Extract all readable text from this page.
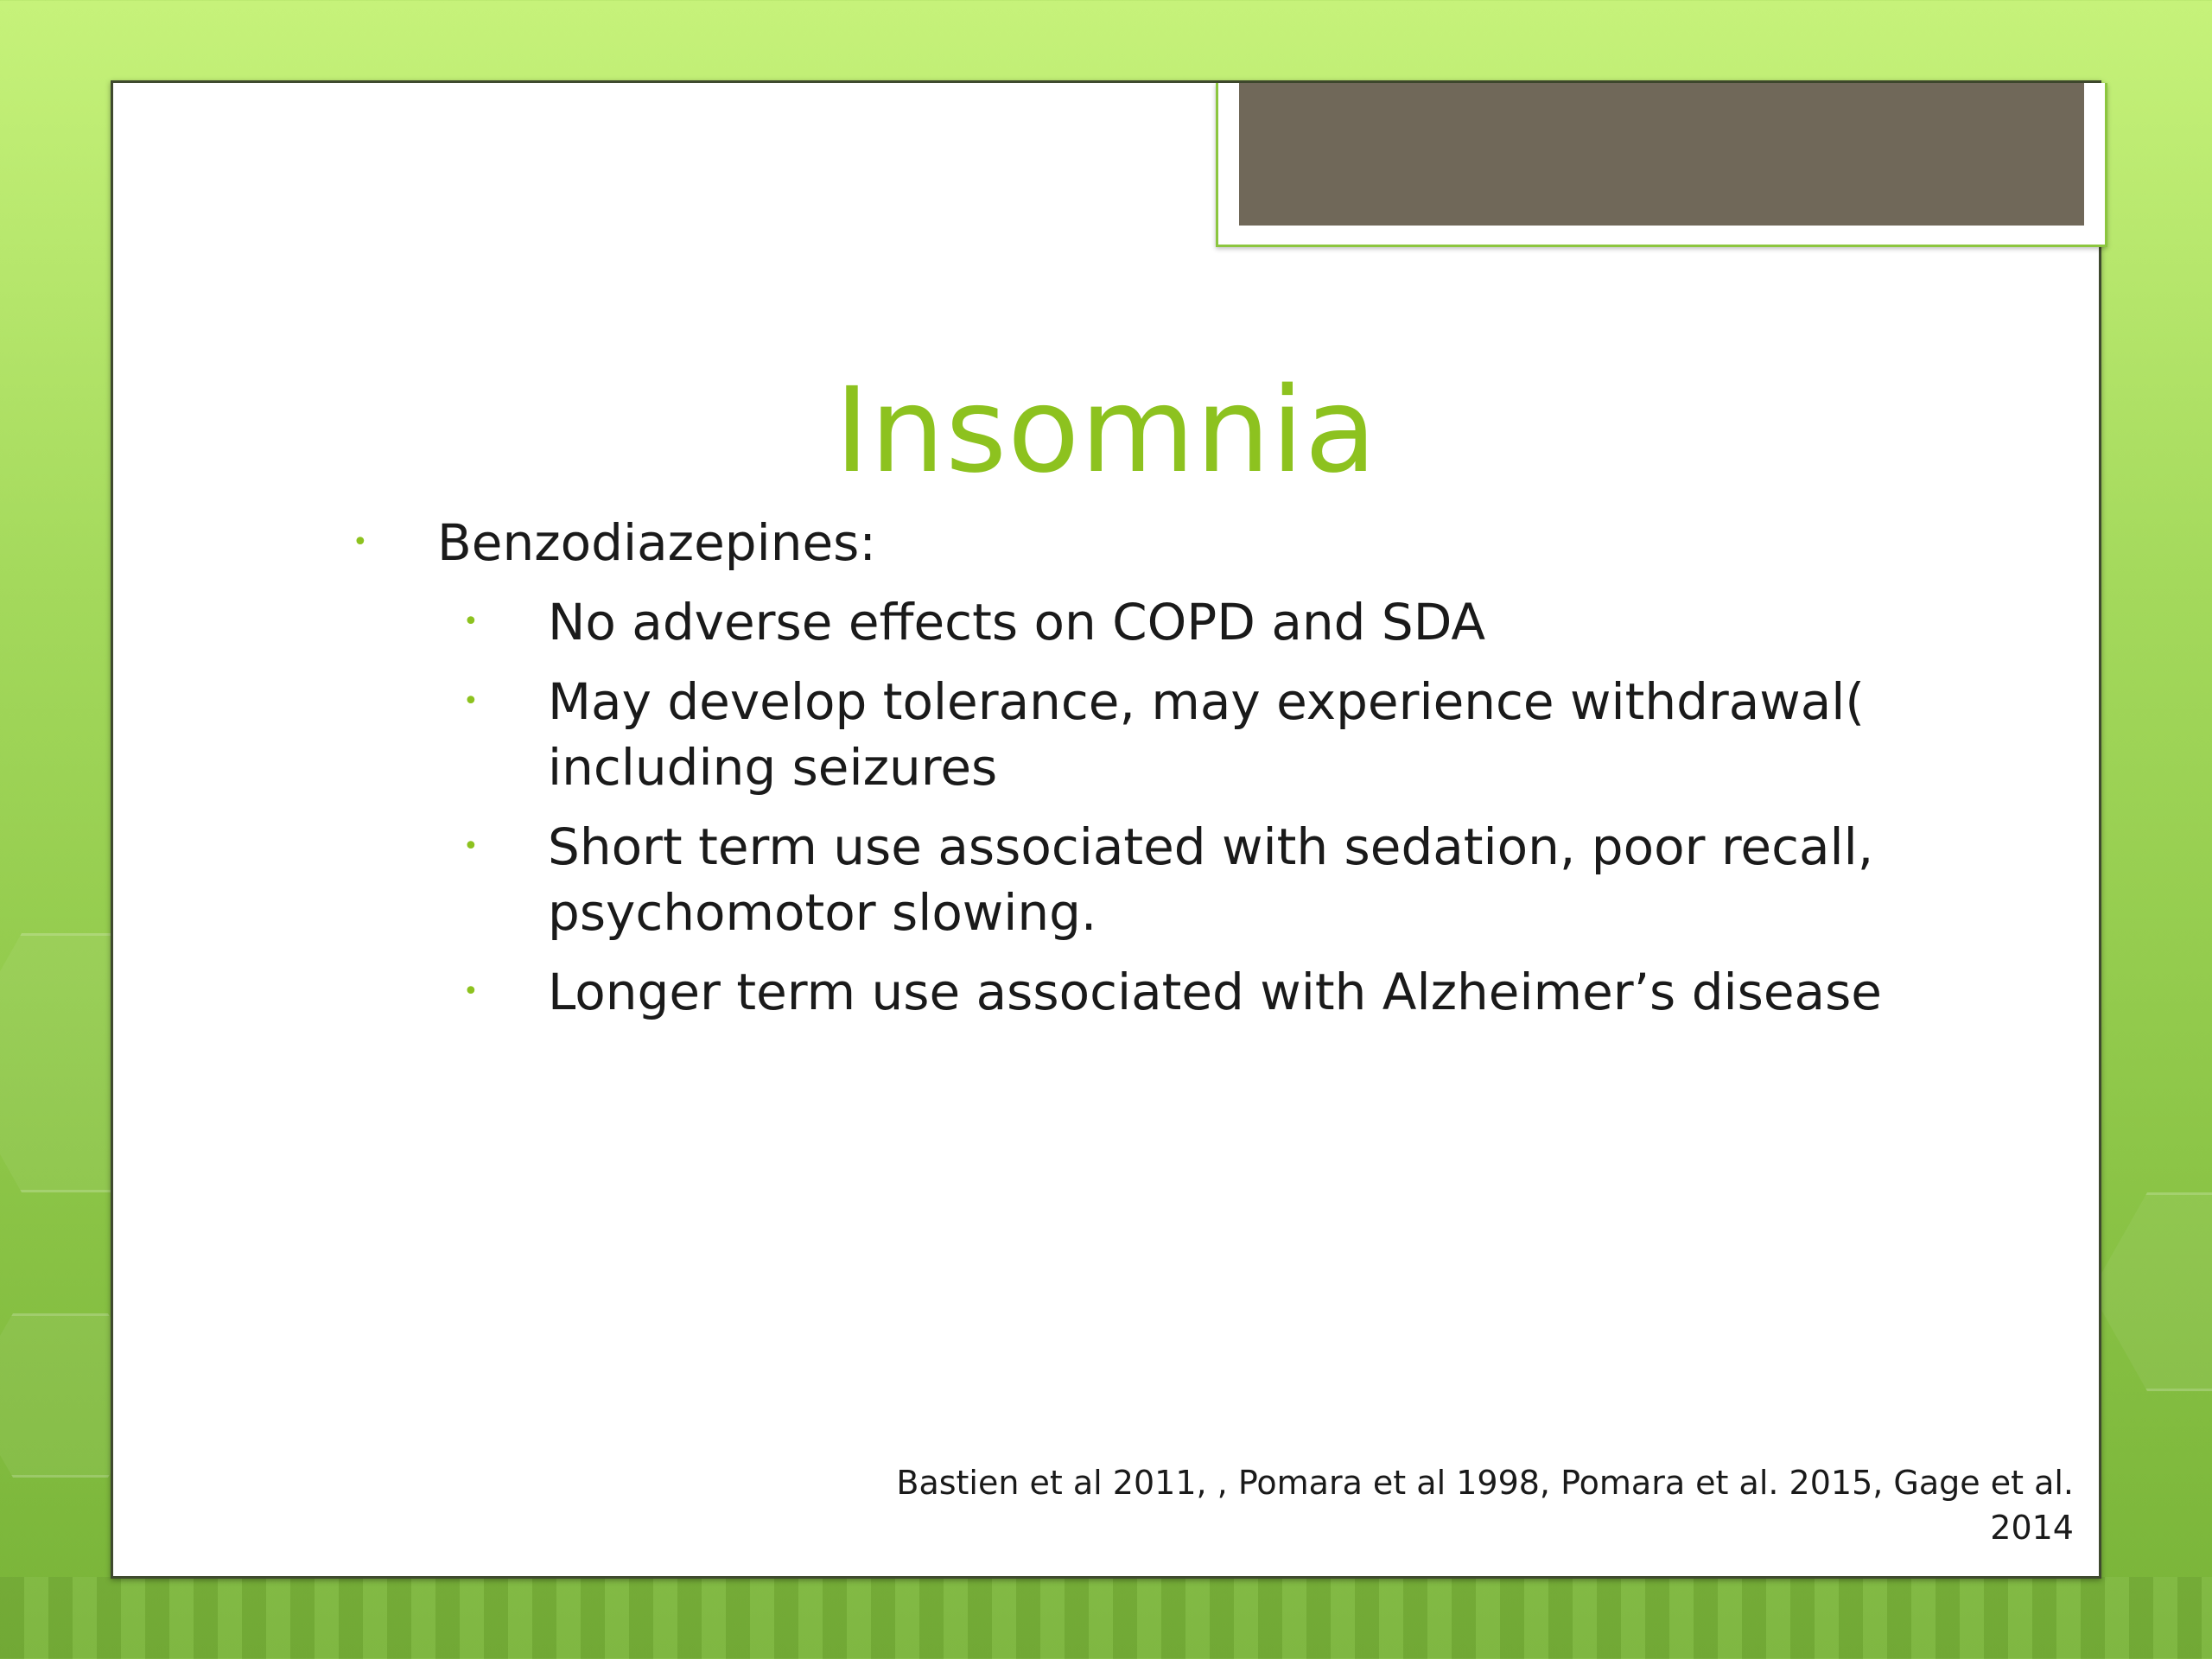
Insomnia
• Benzodiazepines:
• No adverse effects on COPD and SDA
• May develop tolerance, may experience withdrawal( including seizures
• Short term use associated with sedation, poor recall, psychomotor slowing.
• Longer term use associated with Alzheimer’s disease
Bastien et al 2011, , Pomara et al 1998, Pomara et al. 2015, Gage et al.
2014
